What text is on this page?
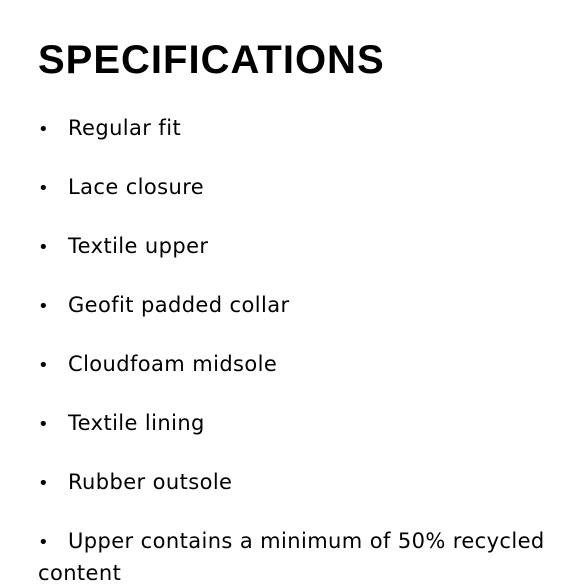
SPECIFICATIONS
• Regular fit
• Lace closure
• Textile upper
• Geofit padded collar
• Cloudfoam midsole
• Textile lining
• Rubber outsole
• Upper contains a minimum of 50% recycled content
